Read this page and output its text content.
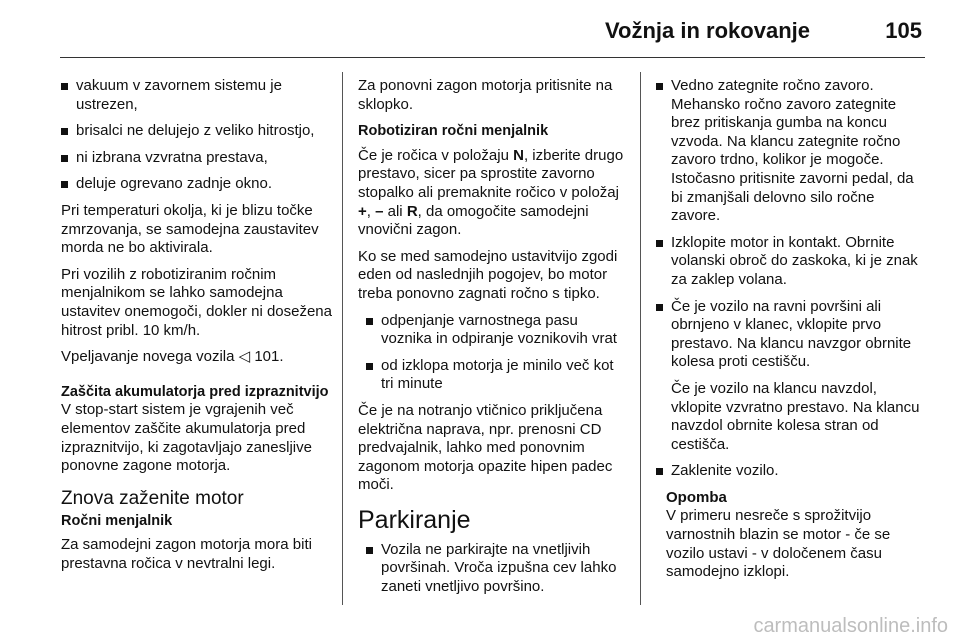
Vožnja in rokovanje	105
vakuum v zavornem sistemu je ustrezen,
brisalci ne delujejo z veliko hitrostjo,
ni izbrana vzvratna prestava,
deluje ogrevano zadnje okno.

Pri temperaturi okolja, ki je blizu točke zmrzovanja, se samodejna zaustavitev morda ne bo aktivirala.

Pri vozilih z robotiziranim ročnim menjalnikom se lahko samodejna ustavitev onemogoči, dokler ni dosežena hitrost pribl. 10 km/h.

Vpeljavanje novega vozila ◁ 101.

Zaščita akumulatorja pred izpraznitvijo

V stop-start sistem je vgrajenih več elementov zaščite akumulatorja pred izpraznitvijo, ki zagotavljajo zanesljive ponovne zagone motorja.

Znova zaženite motor

Ročni menjalnik

Za samodejni zagon motorja mora biti prestavna ročica v nevtralni legi.

Za ponovni zagon motorja pritisnite na sklopko.

Robotiziran ročni menjalnik

Če je ročica v položaju N, izberite drugo prestavo, sicer pa sprostite zavorno stopalko ali premaknite ročico v položaj +, – ali R, da omogočite samodejni vnovični zagon.

Ko se med samodejno ustavitvijo zgodi eden od naslednjih pogojev, bo motor treba ponovno zagnati ročno s tipko.

odpenjanje varnostnega pasu voznika in odpiranje voznikovih vrat
od izklopa motorja je minilo več kot tri minute

Če je na notranjo vtičnico priključena električna naprava, npr. prenosni CD predvajalnik, lahko med ponovnim zagonom motorja opazite hipen padec moči.

Parkiranje
Vozila ne parkirajte na vnetljivih površinah. Vroča izpušna cev lahko zaneti vnetljivo površino.
Vedno zategnite ročno zavoro. Mehansko ročno zavoro zategnite brez pritiskanja gumba na koncu vzvoda. Na klancu zategnite ročno zavoro trdno, kolikor je mogoče. Istočasno pritisnite zavorni pedal, da bi zmanjšali delovno silo ročne zavore.
Izklopite motor in kontakt. Obrnite volanski obroč do zaskoka, ki je znak za zaklep volana.
Če je vozilo na ravni površini ali obrnjeno v klanec, vklopite prvo prestavo. Na klancu navzgor obrnite kolesa proti cestišču.
Če je vozilo na klancu navzdol, vklopite vzvratno prestavo. Na klancu navzdol obrnite kolesa stran od cestišča.
Zaklenite vozilo.

Opomba

V primeru nesreče s sprožitvijo varnostnih blazin se motor - če se vozilo ustavi - v določenem času samodejno izklopi.

carmanualsonline.info
